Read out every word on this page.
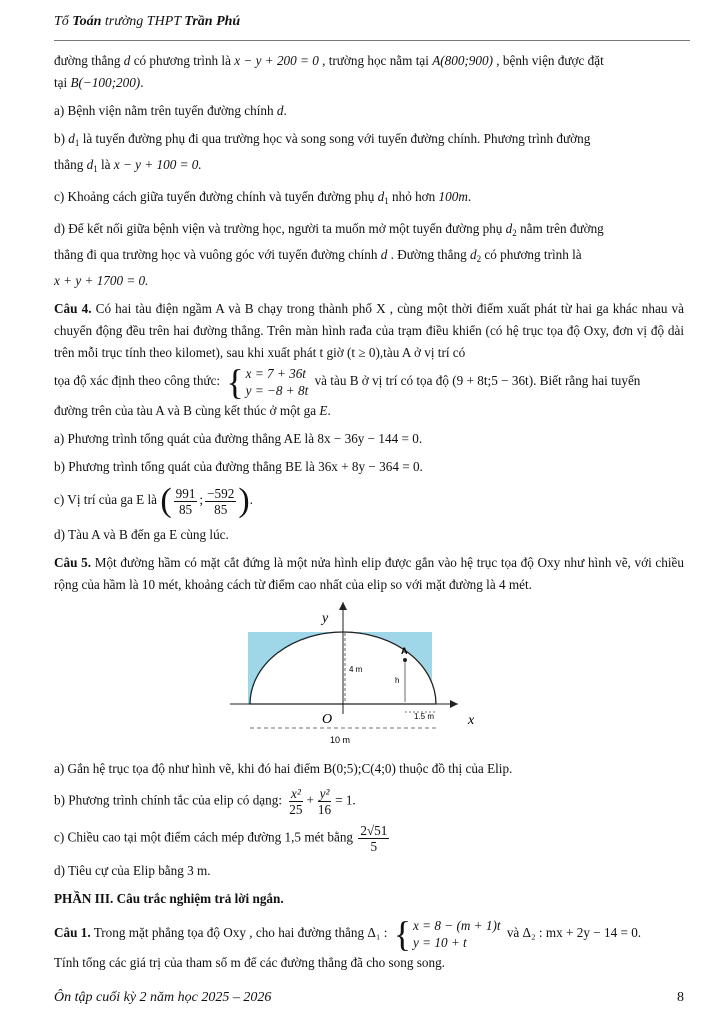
Tổ Toán trường THPT Trần Phú

đường thẳng d có phương trình là x − y + 200 = 0 , trường học nằm tại A(800;900) , bệnh viện được đặt
tại B(−100;200).

a) Bệnh viện nằm trên tuyến đường chính d.

b) $d_1$ là tuyến đường phụ đi qua trường học và song song với tuyến đường chính. Phương trình đường
thẳng $d_1$ là x − y + 100 = 0.

c) Khoảng cách giữa tuyến đường chính và tuyến đường phụ $d_1$ nhỏ hơn 100m.

d) Để kết nối giữa bệnh viện và trường học, người ta muốn mở một tuyến đường phụ $d_2$ nằm trên đường
thẳng đi qua trường học và vuông góc với tuyến đường chính d . Đường thẳng $d_2$ có phương trình là
x + y + 1700 = 0.

Câu 4. Có hai tàu điện ngầm A và B chạy trong thành phố X , cùng một thời điểm xuất phát từ hai ga khác nhau và chuyển động đều trên hai đường thẳng. Trên màn hình rađa của trạm điều khiển (có hệ trục tọa độ Oxy, đơn vị độ dài trên mỗi trục tính theo kilomet), sau khi xuất phát t giờ (t ≥ 0),tàu A ở vị trí có

tọa độ xác định theo công thức: { x = 7 + 36t
y = −8 + 8t
và tàu B ở vị trí có tọa độ (9 + 8t;5 − 36t). Biết rằng hai tuyến
đường trên của tàu A và B cùng kết thúc ở một ga E.

a) Phương trình tổng quát của đường thẳng AE là 8x − 36y − 144 = 0.

b) Phương trình tổng quát của đường thẳng BE là 36x + 8y − 364 = 0.

c) Vị trí của ga E là ( $\frac{991}{85}$ ; $\frac{-592}{85}$ ).

d) Tàu A và B đến ga E cùng lúc.

Câu 5. Một đường hầm có mặt cắt đứng là một nửa hình elip được gắn vào hệ trục tọa độ Oxy như hình vẽ, với chiều rộng của hầm là 10 mét, khoảng cách từ điểm cao nhất của elip so với mặt đường là 4 mét.

y
x
O
A
h
4 m
1.5 m
10 m

a) Gắn hệ trục tọa độ như hình vẽ, khi đó hai điểm B(0;5);C(4;0) thuộc đồ thị của Elip.

b) Phương trình chính tắc của elip có dạng: $\frac{\text{x²}}{25} + \frac{\text{y²}}{16} = 1$.

c) Chiều cao tại một điểm cách mép đường 1,5 mét bằng $\frac{2√51}{5}$

d) Tiêu cự của Elip bằng 3 m.

PHẦN III. Câu trắc nghiệm trả lời ngắn.

Câu 1. Trong mặt phẳng tọa độ Oxy , cho hai đường thẳng Δ₁ : { x = 8 − (m + 1)t
y = 10 + t
và Δ₂ : mx + 2y − 14 = 0.
Tính tổng các giá trị của tham số m để các đường thẳng đã cho song song.

Ôn tập cuối kỳ 2 năm học 2025 – 2026	8
